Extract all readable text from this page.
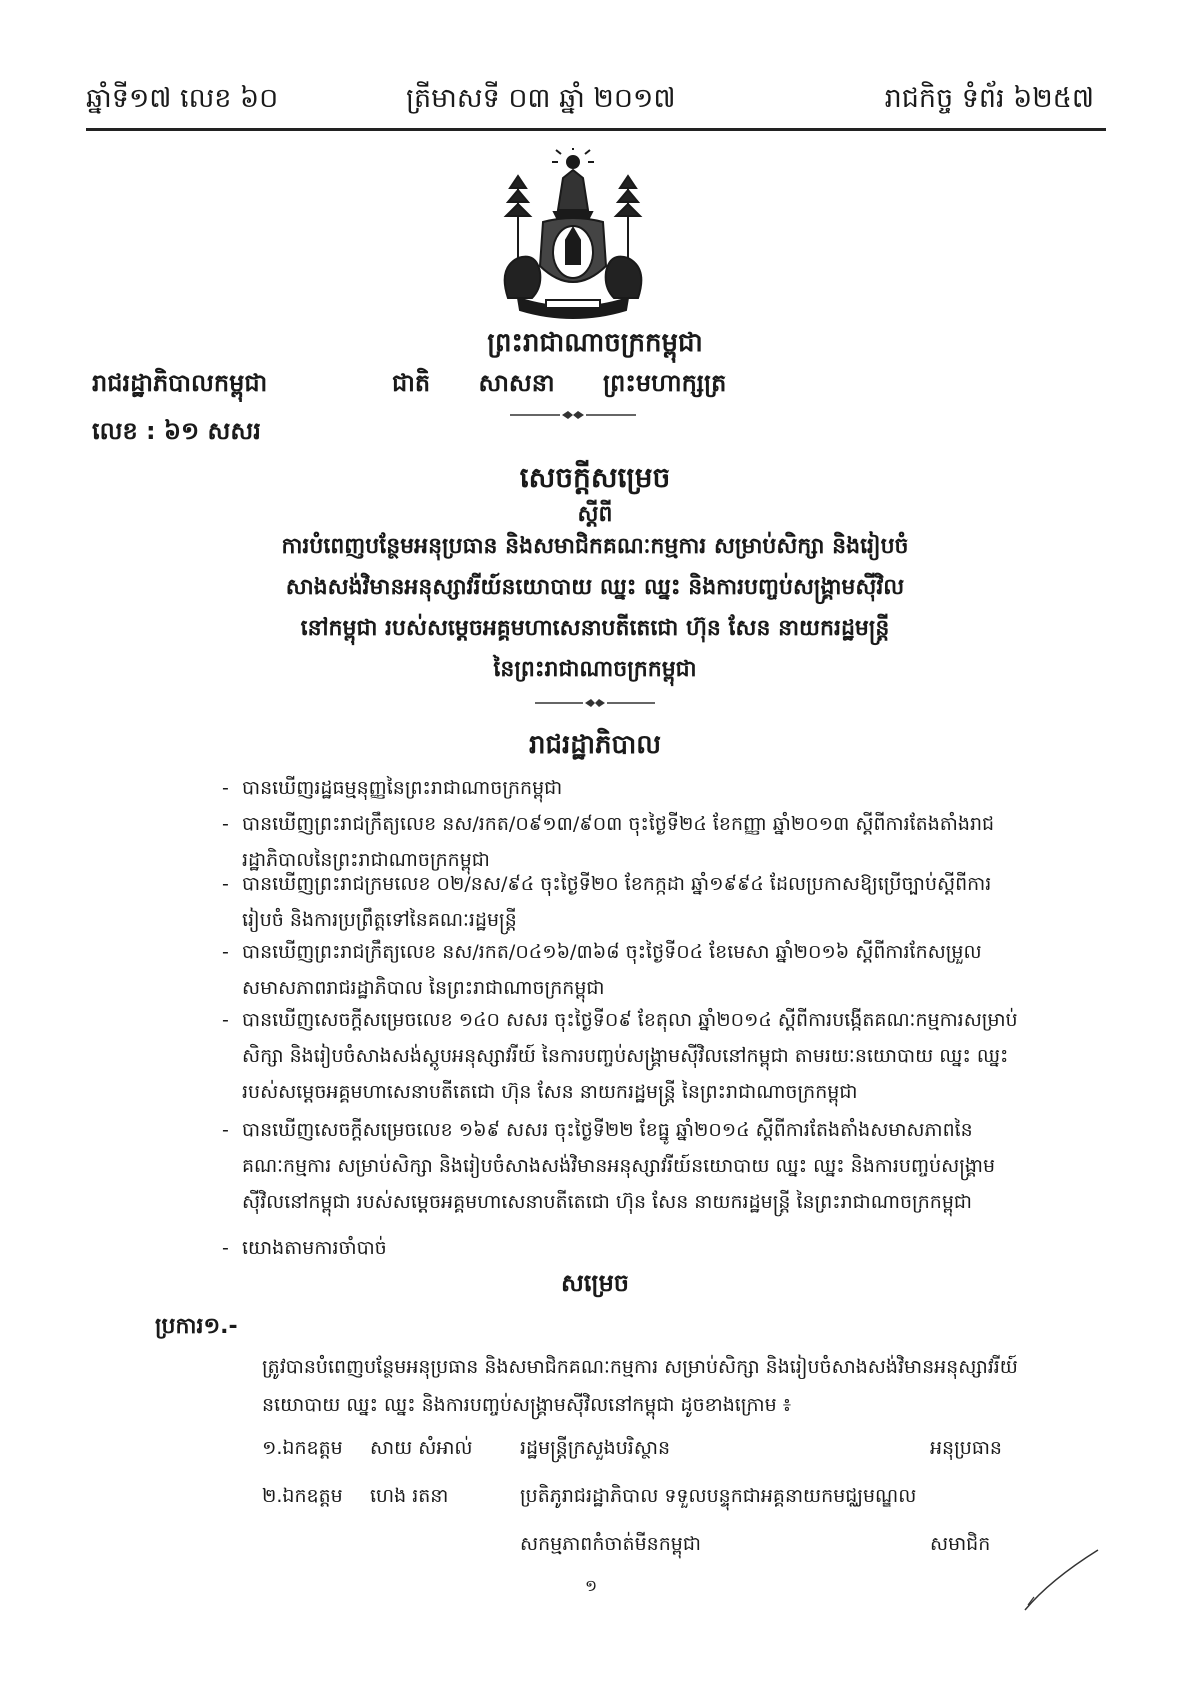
ឆ្នាំទី១៧ លេខ ៦០	ត្រីមាសទី ០៣ ឆ្នាំ ២០១៧	រាជកិច្ច ទំព័រ ៦២៥៧
ព្រះរាជាណាចក្រកម្ពុជា
រាជរដ្ឋាភិបាលកម្ពុជា	ជាតិ សាសនា ព្រះមហាក្សត្រ
លេខ : ៦១ សសរ
សេចក្តីសម្រេច
ស្តីពី
ការបំពេញបន្ថែមអនុប្រធាន និងសមាជិកគណៈកម្មការ សម្រាប់សិក្សា និងរៀបចំ
សាងសង់វិមានអនុស្សាវរីយ៍នយោបាយ ឈ្នះ ឈ្នះ និងការបញ្ចប់សង្គ្រាមស៊ីវិល
នៅកម្ពុជា របស់សម្តេចអគ្គមហាសេនាបតីតេជោ ហ៊ុន សែន នាយករដ្ឋមន្ត្រី
នៃព្រះរាជាណាចក្រកម្ពុជា
រាជរដ្ឋាភិបាល
- បានឃើញរដ្ឋធម្មនុញ្ញនៃព្រះរាជាណាចក្រកម្ពុជា
- បានឃើញព្រះរាជក្រឹត្យលេខ នស/រកត/០៩១៣/៩០៣ ចុះថ្ងៃទី២៤ ខែកញ្ញា ឆ្នាំ២០១៣ ស្តីពីការតែងតាំងរាជរដ្ឋាភិបាលនៃព្រះរាជាណាចក្រកម្ពុជា
- បានឃើញព្រះរាជក្រមលេខ ០២/នស/៩៤ ចុះថ្ងៃទី២០ ខែកក្កដា ឆ្នាំ១៩៩៤ ដែលប្រកាសឱ្យប្រើច្បាប់ស្តីពីការរៀបចំ និងការប្រព្រឹត្តទៅនៃគណៈរដ្ឋមន្ត្រី
- បានឃើញព្រះរាជក្រឹត្យលេខ នស/រកត/០៤១៦/៣៦៨ ចុះថ្ងៃទី០៤ ខែមេសា ឆ្នាំ២០១៦ ស្តីពីការកែសម្រួលសមាសភាពរាជរដ្ឋាភិបាល នៃព្រះរាជាណាចក្រកម្ពុជា
- បានឃើញសេចក្តីសម្រេចលេខ ១៤០ សសរ ចុះថ្ងៃទី០៩ ខែតុលា ឆ្នាំ២០១៤ ស្តីពីការបង្កើតគណៈកម្មការសម្រាប់សិក្សា និងរៀបចំសាងសង់ស្តូបអនុស្សាវរីយ៍ នៃការបញ្ចប់សង្គ្រាមស៊ីវិលនៅកម្ពុជា តាមរយៈនយោបាយ ឈ្នះ ឈ្នះ របស់សម្តេចអគ្គមហាសេនាបតីតេជោ ហ៊ុន សែន នាយករដ្ឋមន្ត្រី នៃព្រះរាជាណាចក្រកម្ពុជា
- បានឃើញសេចក្តីសម្រេចលេខ ១៦៩ សសរ ចុះថ្ងៃទី២២ ខែធ្នូ ឆ្នាំ២០១៤ ស្តីពីការតែងតាំងសមាសភាពនៃគណៈកម្មការ សម្រាប់សិក្សា និងរៀបចំសាងសង់វិមានអនុស្សាវរីយ៍នយោបាយ ឈ្នះ ឈ្នះ និងការបញ្ចប់សង្គ្រាមស៊ីវិលនៅកម្ពុជា របស់សម្តេចអគ្គមហាសេនាបតីតេជោ ហ៊ុន សែន នាយករដ្ឋមន្ត្រី នៃព្រះរាជាណាចក្រកម្ពុជា
- យោងតាមការចាំបាច់
សម្រេច
ប្រការ១.-
ត្រូវបានបំពេញបន្ថែមអនុប្រធាន និងសមាជិកគណៈកម្មការ សម្រាប់សិក្សា និងរៀបចំសាងសង់វិមានអនុស្សាវរីយ៍នយោបាយ ឈ្នះ ឈ្នះ និងការបញ្ចប់សង្គ្រាមស៊ីវិលនៅកម្ពុជា ដូចខាងក្រោម ៖
១.ឯកឧត្តម សាយ សំអាល់ រដ្ឋមន្ត្រីក្រសួងបរិស្ថាន	អនុប្រធាន
២.ឯកឧត្តម ហេង រតនា	ប្រតិភូរាជរដ្ឋាភិបាល ទទួលបន្ទុកជាអគ្គនាយកមជ្ឈមណ្ឌល
សកម្មភាពកំចាត់មីនកម្ពុជា	សមាជិក
១
